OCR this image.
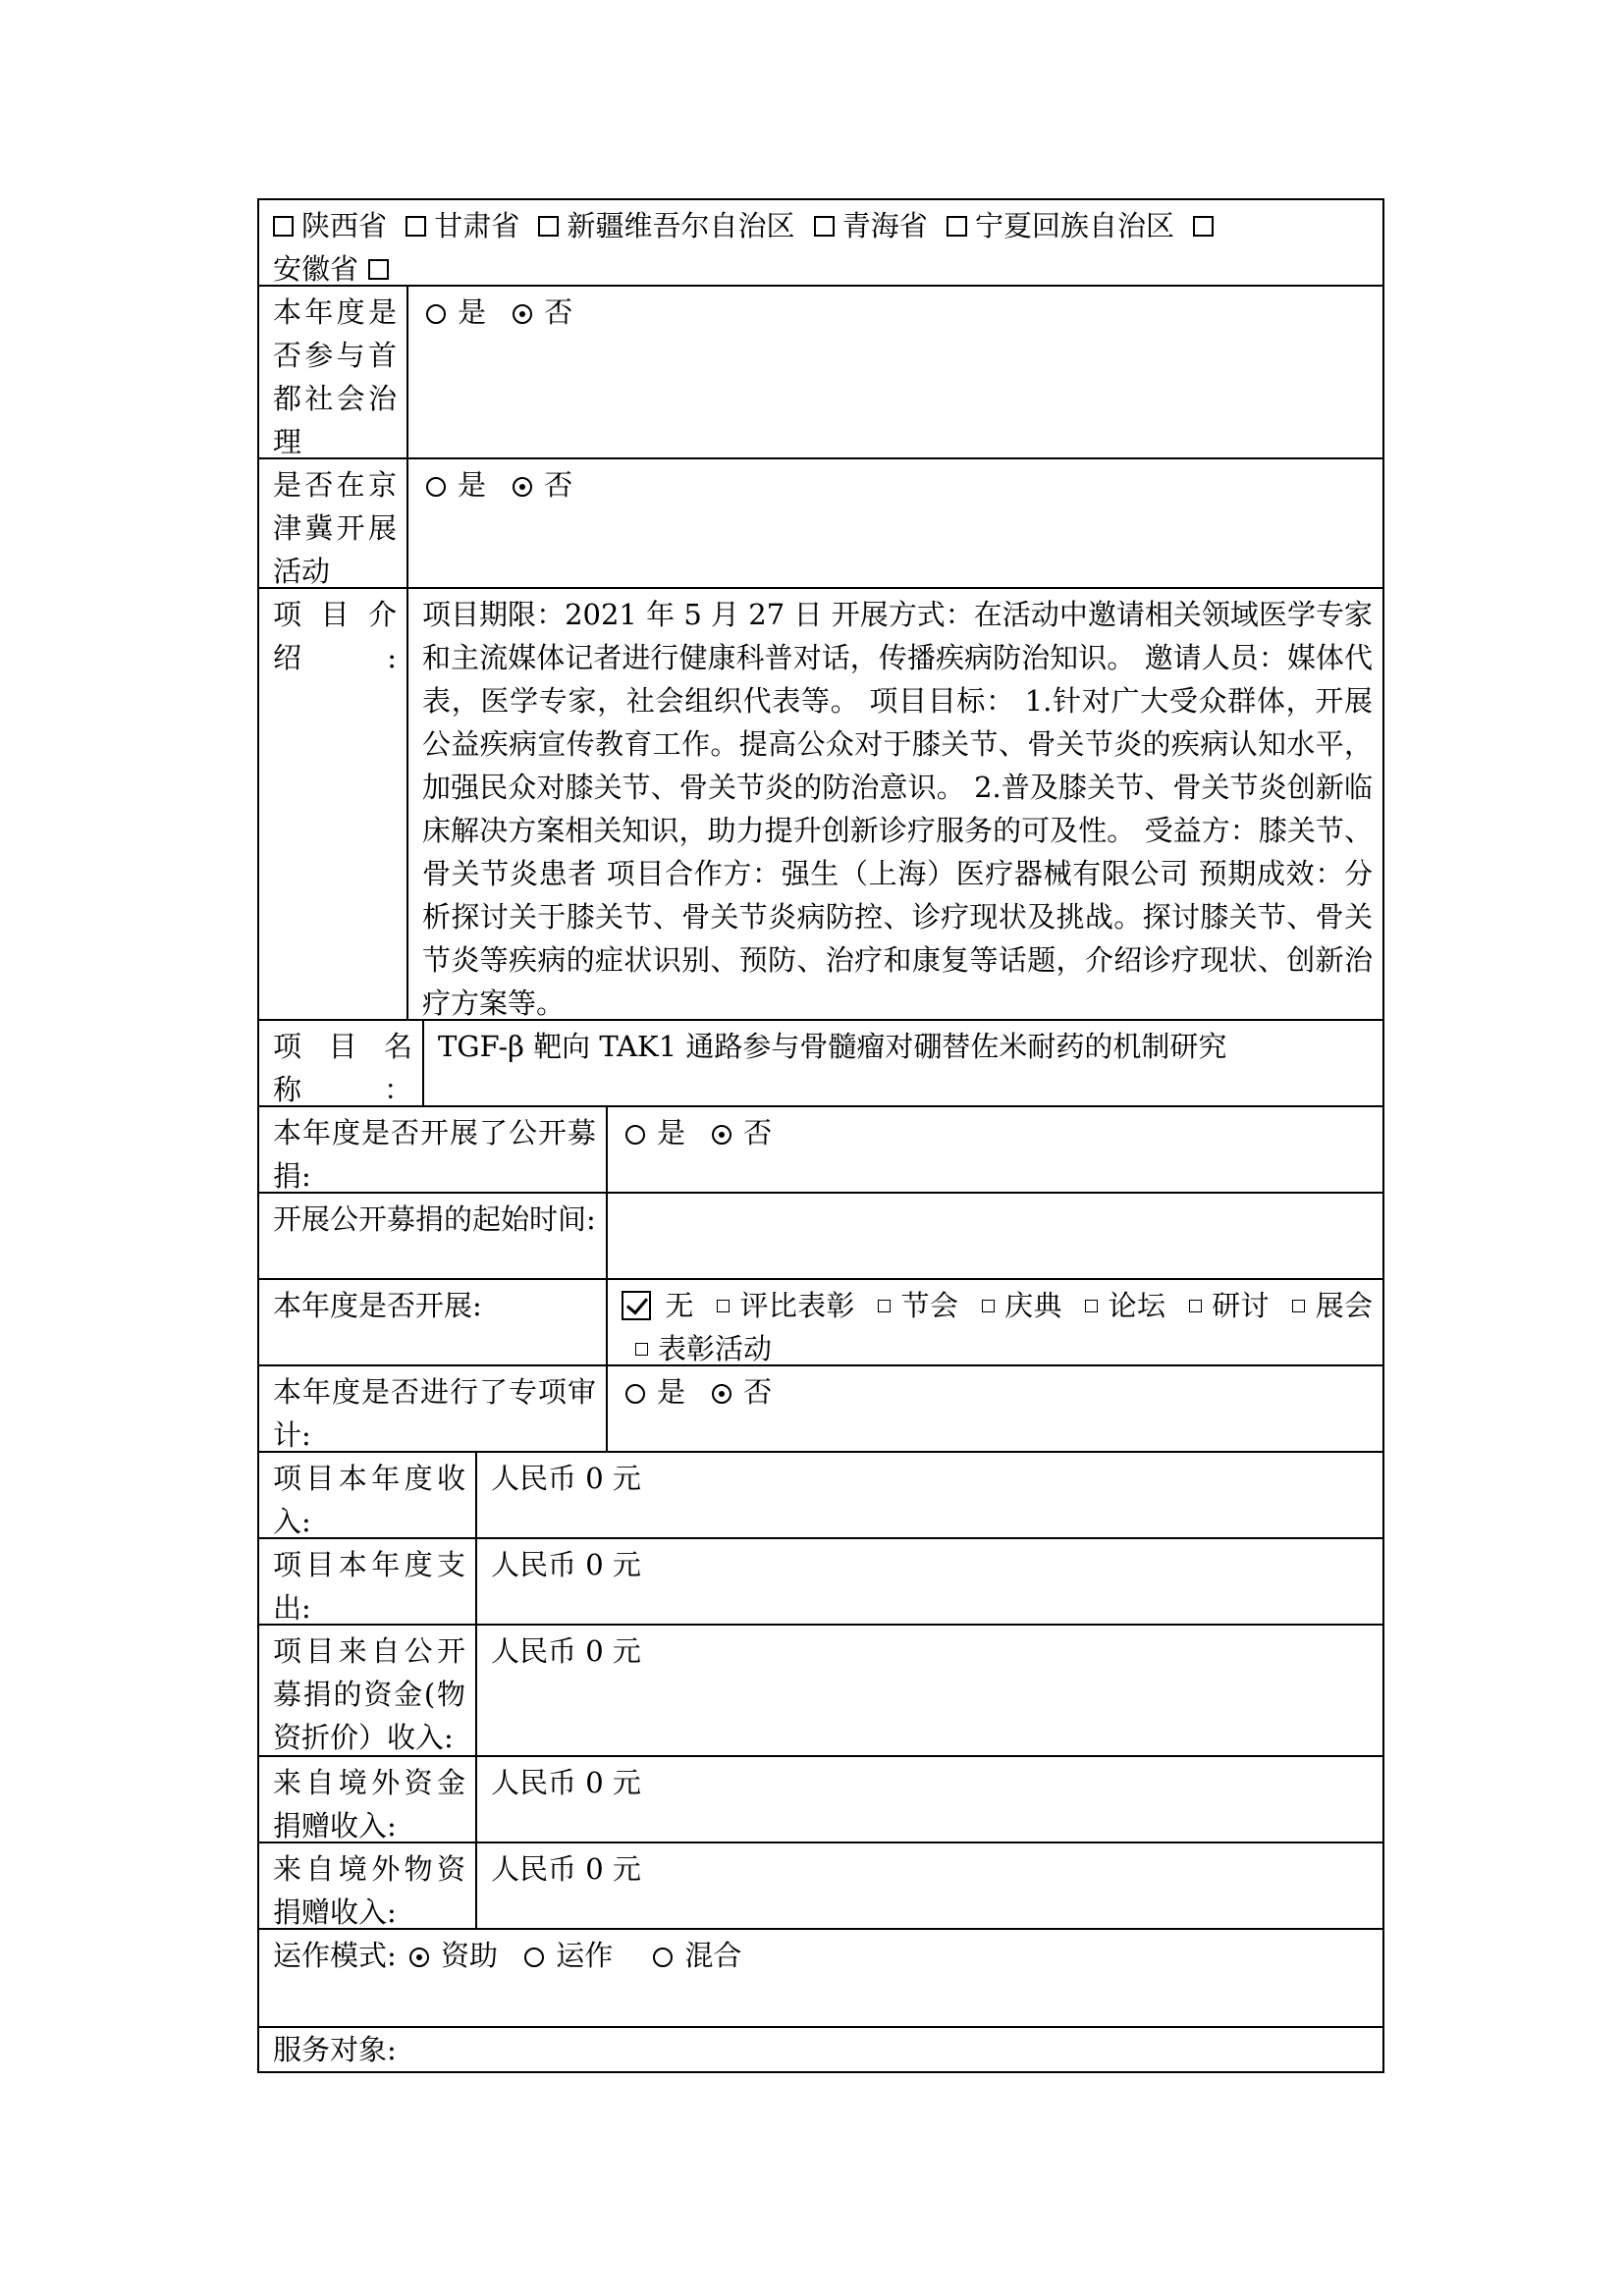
陕西省 甘肃省 新疆维吾尔自治区 青海省 宁夏回族自治区
安徽省
本年度是否参与首都社会治理
是 否
是否在京津冀开展活动
是 否
项 目 介 绍:
项目期限：2021 年 5 月 27 日 开展方式：在活动中邀请相关领域医学专家和主流媒体记者进行健康科普对话，传播疾病防治知识。 邀请人员：媒体代表，医学专家，社会组织代表等。 项目目标： 1.针对广大受众群体，开展公益疾病宣传教育工作。提高公众对于膝关节、骨关节炎的疾病认知水平，加强民众对膝关节、骨关节炎的防治意识。 2.普及膝关节、骨关节炎创新临床解决方案相关知识，助力提升创新诊疗服务的可及性。 受益方：膝关节、骨关节炎患者 项目合作方：强生（上海）医疗器械有限公司 预期成效：分析探讨关于膝关节、骨关节炎病防控、诊疗现状及挑战。探讨膝关节、骨关节炎等疾病的症状识别、预防、治疗和康复等话题，介绍诊疗现状、创新治疗方案等。
项 目 名 称 ：
TGF-β 靶向 TAK1 通路参与骨髓瘤对硼替佐米耐药的机制研究
本年度是否开展了公开募捐:
是 否
开展公开募捐的起始时间:
本年度是否开展:	无 评比表彰 节会 庆典 论坛 研讨 展会 表彰活动
本年度是否进行了专项审计:
是 否
项目本年度收入:
人民币 0 元
项目本年度支出:
人民币 0 元
项目来自公开募捐的资金(物资折价）收入:
人民币 0 元
来自境外资金捐赠收入:
人民币 0 元
来自境外物资捐赠收入:
人民币 0 元
运作模式: 资助 运作	混合
服务对象:
